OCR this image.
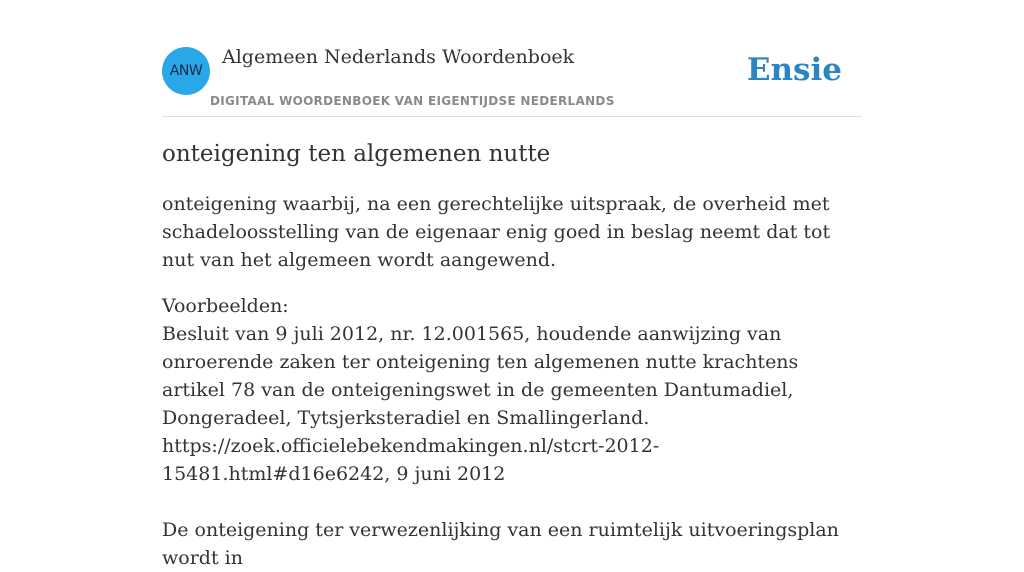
ANW
Algemeen Nederlands Woordenboek
DIGITAAL WOORDENBOEK VAN EIGENTIJDSE NEDERLANDS
Ensie
onteigening ten algemenen nutte

onteigening waarbij, na een gerechtelijke uitspraak, de overheid met schadeloosstelling van de eigenaar enig goed in beslag neemt dat tot nut van het algemeen wordt aangewend.

Voorbeelden:

Besluit van 9 juli 2012, nr. 12.001565, houdende aanwijzing van onroerende zaken ter onteigening ten algemenen nutte krachtens artikel 78 van de onteigeningswet in de gemeenten Dantumadiel, Dongeradeel, Tytsjerksteradiel en Smallingerland. https://zoek.officielebekendmakingen.nl/stcrt-2012-15481.html#d16e6242, 9 juni 2012

De onteigening ter verwezenlijking van een ruimtelijk uitvoeringsplan wordt in
